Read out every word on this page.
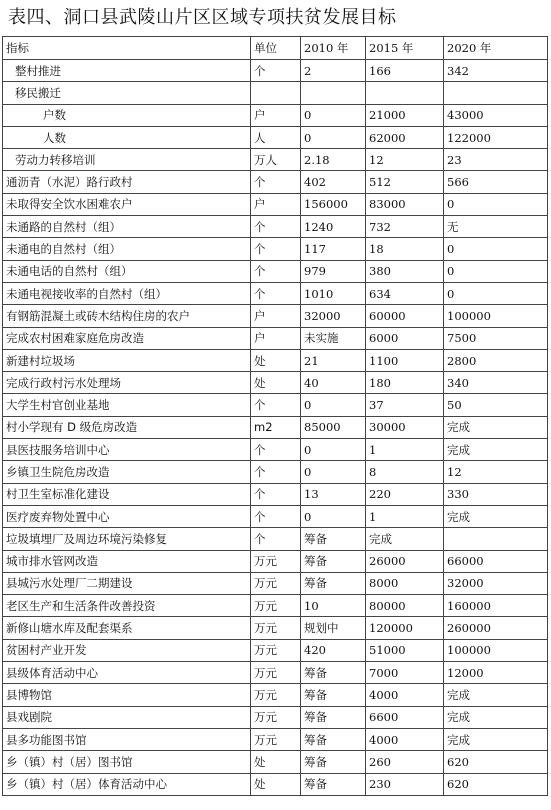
表四、洞口县武陵山片区区域专项扶贫发展目标
指标	单位	2010 年	2015 年	2020 年
整村推进	个	2	166	342
移民搬迁				
户数	户	0	21000	43000
人数	人	0	62000	122000
劳动力转移培训	万人	2.18	12	23
通沥青（水泥）路行政村	个	402	512	566
未取得安全饮水困难农户	户	156000	83000	0
未通路的自然村（组）	个	1240	732	无
未通电的自然村（组）	个	117	18	0
未通电话的自然村（组）	个	979	380	0
未通电视接收率的自然村（组）	个	1010	634	0
有钢筋混凝土或砖木结构住房的农户	户	32000	60000	100000
完成农村困难家庭危房改造	户	未实施	6000	7500
新建村垃圾场	处	21	1100	2800
完成行政村污水处理场	处	40	180	340
大学生村官创业基地	个	0	37	50
村小学现有 D 级危房改造	m2	85000	30000	完成
县医技服务培训中心	个	0	1	完成
乡镇卫生院危房改造	个	0	8	12
村卫生室标准化建设	个	13	220	330
医疗废弃物处置中心	个	0	1	完成
垃圾填埋厂及周边环境污染修复	个	筹备	完成	
城市排水管网改造	万元	筹备	26000	66000
县城污水处理厂二期建设	万元	筹备	8000	32000
老区生产和生活条件改善投资	万元	10	80000	160000
新修山塘水库及配套渠系	万元	规划中	120000	260000
贫困村产业开发	万元	420	51000	100000
县级体育活动中心	万元	筹备	7000	12000
县博物馆	万元	筹备	4000	完成
县戏剧院	万元	筹备	6600	完成
县多功能图书馆	万元	筹备	4000	完成
乡（镇）村（居）图书馆	处	筹备	260	620
乡（镇）村（居）体育活动中心	处	筹备	230	620
